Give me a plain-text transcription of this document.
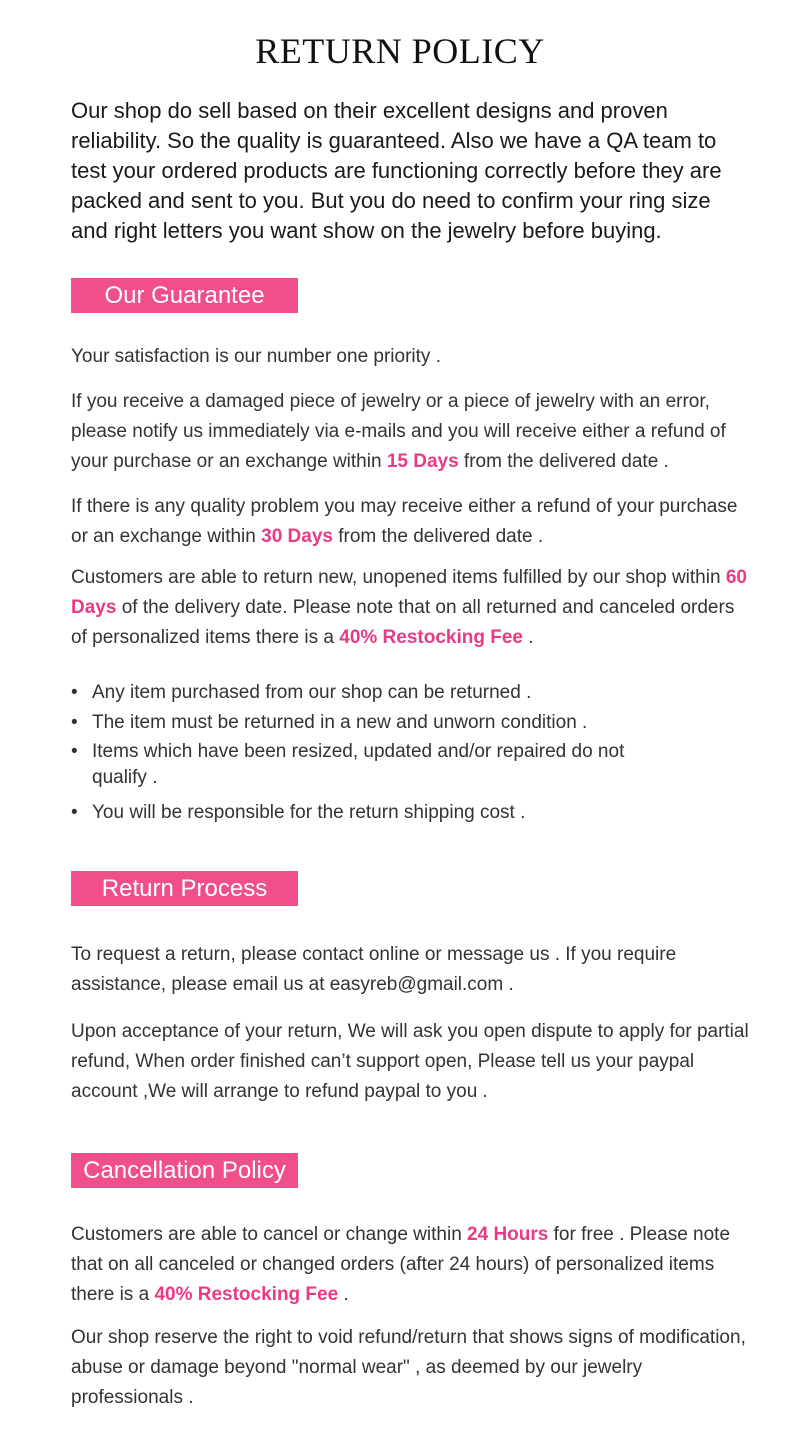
RETURN POLICY

Our shop do sell based on their excellent designs and proven reliability. So the quality is guaranteed. Also we have a QA team to test your ordered products are functioning correctly before they are packed and sent to you. But you do need to confirm your ring size and right letters you want show on the jewelry before buying.

Our Guarantee

Your satisfaction is our number one priority .

If you receive a damaged piece of jewelry or a piece of jewelry with an error, please notify us immediately via e-mails and you will receive either a refund of your purchase or an exchange within 15 Days from the delivered date .

If there is any quality problem you may receive either a refund of your purchase or an exchange within 30 Days from the delivered date .

Customers are able to return new, unopened items fulfilled by our shop within 60 Days of the delivery date. Please note that on all returned and canceled orders of personalized items there is a 40% Restocking Fee .

• Any item purchased from our shop can be returned .
• The item must be returned in a new and unworn condition .
• Items which have been resized, updated and/or repaired do not qualify .
• You will be responsible for the return shipping cost .
Return Process

To request a return, please contact online or message us . If you require assistance, please email us at easyreb@gmail.com .

Upon acceptance of your return, We will ask you open dispute to apply for partial refund, When order finished can’t support open, Please tell us your paypal account ,We will arrange to refund paypal to you .

Cancellation Policy

Customers are able to cancel or change within 24 Hours for free . Please note that on all canceled or changed orders (after 24 hours) of personalized items there is a 40% Restocking Fee .

Our shop reserve the right to void refund/return that shows signs of modification, abuse or damage beyond "normal wear" , as deemed by our jewelry professionals .
